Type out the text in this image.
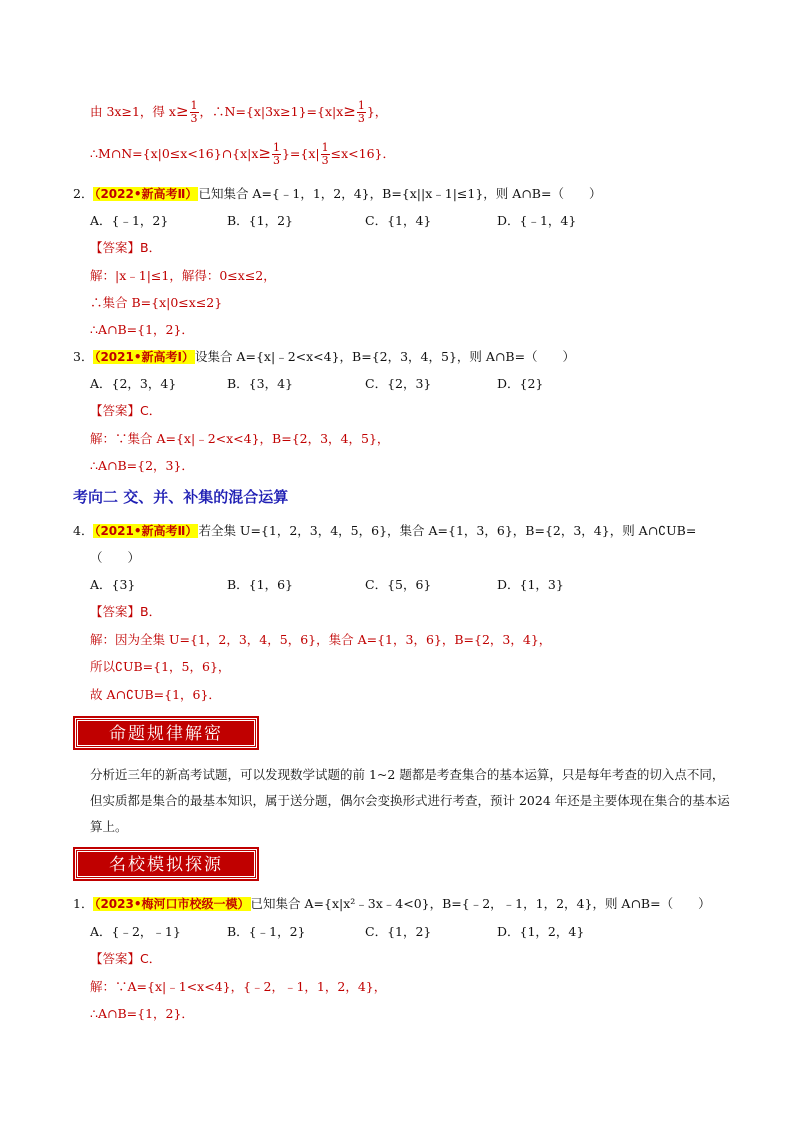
由 3x≥1，得 $x\ge \frac{1}{3}$ ，∴N={x|3x≥1}={x|x≥ $\frac{1}{3}$ }，
∴M∩N={x|0≤x<16}∩{x|x≥ $\frac{1}{3} \}=\{x| \frac{1}{3} \le x<16\}$．
2．（2022•新高考Ⅱ）已知集合 A={﹣1，1，2，4}，B={x||x﹣1|≤1}，则 A∩B=（　　）
A．{﹣1，2}	B．{1，2}	C．{1，4}	D．{﹣1，4}
【答案】B．
解：|x﹣1|≤1，解得：0≤x≤2，
∴集合 B={x|0≤x≤2}
∴A∩B={1，2}．
3．（2021•新高考Ⅰ）设集合 A={x|﹣2<x<4}，B={2，3，4，5}，则 A∩B=（　　）
A．{2，3，4}	B．{3，4}	C．{2，3}	D．{2}
【答案】C．
解：∵集合 A={x|﹣2<x<4}，B={2，3，4，5}，
∴A∩B={2，3}．
考向二 交、并、补集的混合运算
4．（2021•新高考Ⅱ）若全集 U={1，2，3，4，5，6}，集合 A={1，3，6}，B={2，3，4}，则 A∩∁UB=
（　　）
A．{3}	B．{1，6}	C．{5，6}	D．{1，3}
【答案】B．
解：因为全集 U={1，2，3，4，5，6}，集合 A={1，3，6}，B={2，3，4}，
所以∁UB={1，5，6}，
故 A∩∁UB={1，6}．
命题规律解密
分析近三年的新高考试题，可以发现数学试题的前 1~2 题都是考查集合的基本运算，只是每年考查的切入点不同，但实质都是集合的最基本知识，属于送分题，偶尔会变换形式进行考查，预计 2024 年还是主要体现在集合的基本运算上。
名校模拟探源
1．（2023•梅河口市校级一模）已知集合 A={x|x²﹣3x﹣4<0}，B={﹣2，﹣1，1，2，4}，则 A∩B=（　　）
A．{﹣2，﹣1}	B．{﹣1，2}	C．{1，2}	D．{1，2，4}
【答案】C．
解：∵A={x|﹣1<x<4}，{﹣2，﹣1，1，2，4}，
∴A∩B={1，2}．
